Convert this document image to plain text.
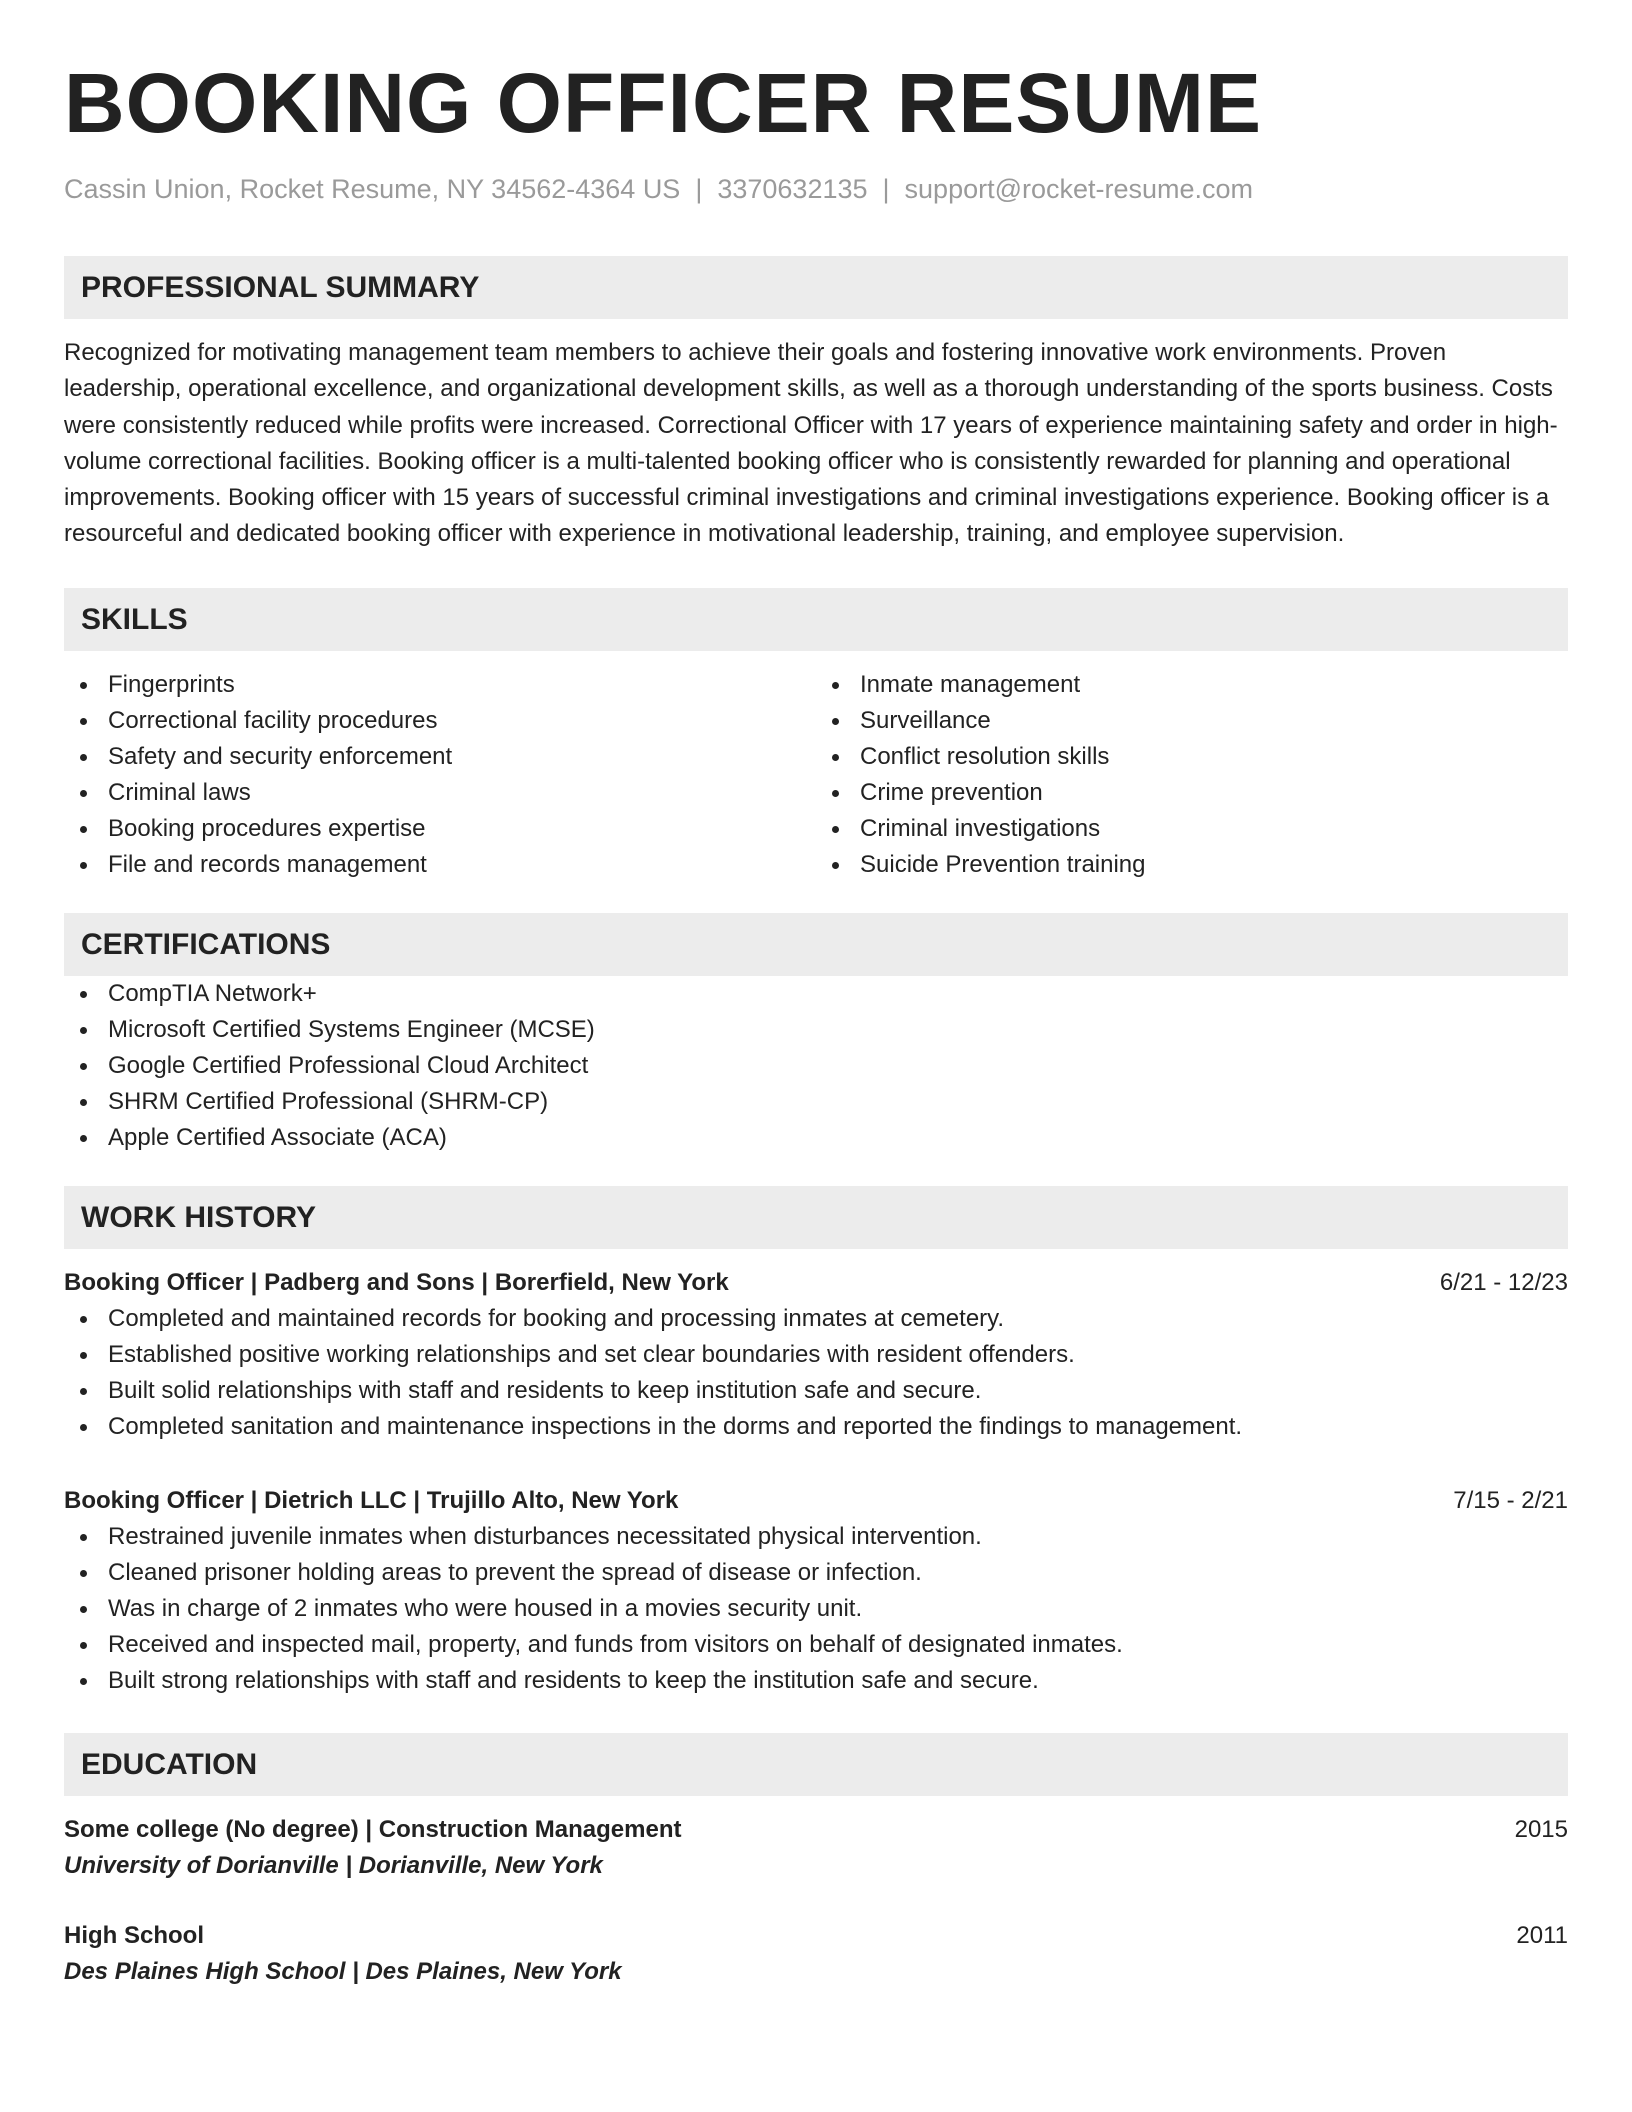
BOOKING OFFICER RESUME
Cassin Union, Rocket Resume, NY 34562-4364 US | 3370632135 | support@rocket-resume.com
PROFESSIONAL SUMMARY
Recognized for motivating management team members to achieve their goals and fostering innovative work environments. Proven leadership, operational excellence, and organizational development skills, as well as a thorough understanding of the sports business. Costs were consistently reduced while profits were increased. Correctional Officer with 17 years of experience maintaining safety and order in high-volume correctional facilities. Booking officer is a multi-talented booking officer who is consistently rewarded for planning and operational improvements. Booking officer with 15 years of successful criminal investigations and criminal investigations experience. Booking officer is a resourceful and dedicated booking officer with experience in motivational leadership, training, and employee supervision.
SKILLS
Fingerprints
Correctional facility procedures
Safety and security enforcement
Criminal laws
Booking procedures expertise
File and records management
Inmate management
Surveillance
Conflict resolution skills
Crime prevention
Criminal investigations
Suicide Prevention training
CERTIFICATIONS
CompTIA Network+
Microsoft Certified Systems Engineer (MCSE)
Google Certified Professional Cloud Architect
SHRM Certified Professional (SHRM-CP)
Apple Certified Associate (ACA)
WORK HISTORY
Booking Officer | Padberg and Sons | Borerfield, New York	6/21 - 12/23
Completed and maintained records for booking and processing inmates at cemetery.
Established positive working relationships and set clear boundaries with resident offenders.
Built solid relationships with staff and residents to keep institution safe and secure.
Completed sanitation and maintenance inspections in the dorms and reported the findings to management.
Booking Officer | Dietrich LLC | Trujillo Alto, New York	7/15 - 2/21
Restrained juvenile inmates when disturbances necessitated physical intervention.
Cleaned prisoner holding areas to prevent the spread of disease or infection.
Was in charge of 2 inmates who were housed in a movies security unit.
Received and inspected mail, property, and funds from visitors on behalf of designated inmates.
Built strong relationships with staff and residents to keep the institution safe and secure.
EDUCATION
Some college (No degree) | Construction Management	2015
University of Dorianville | Dorianville, New York
High School	2011
Des Plaines High School | Des Plaines, New York
